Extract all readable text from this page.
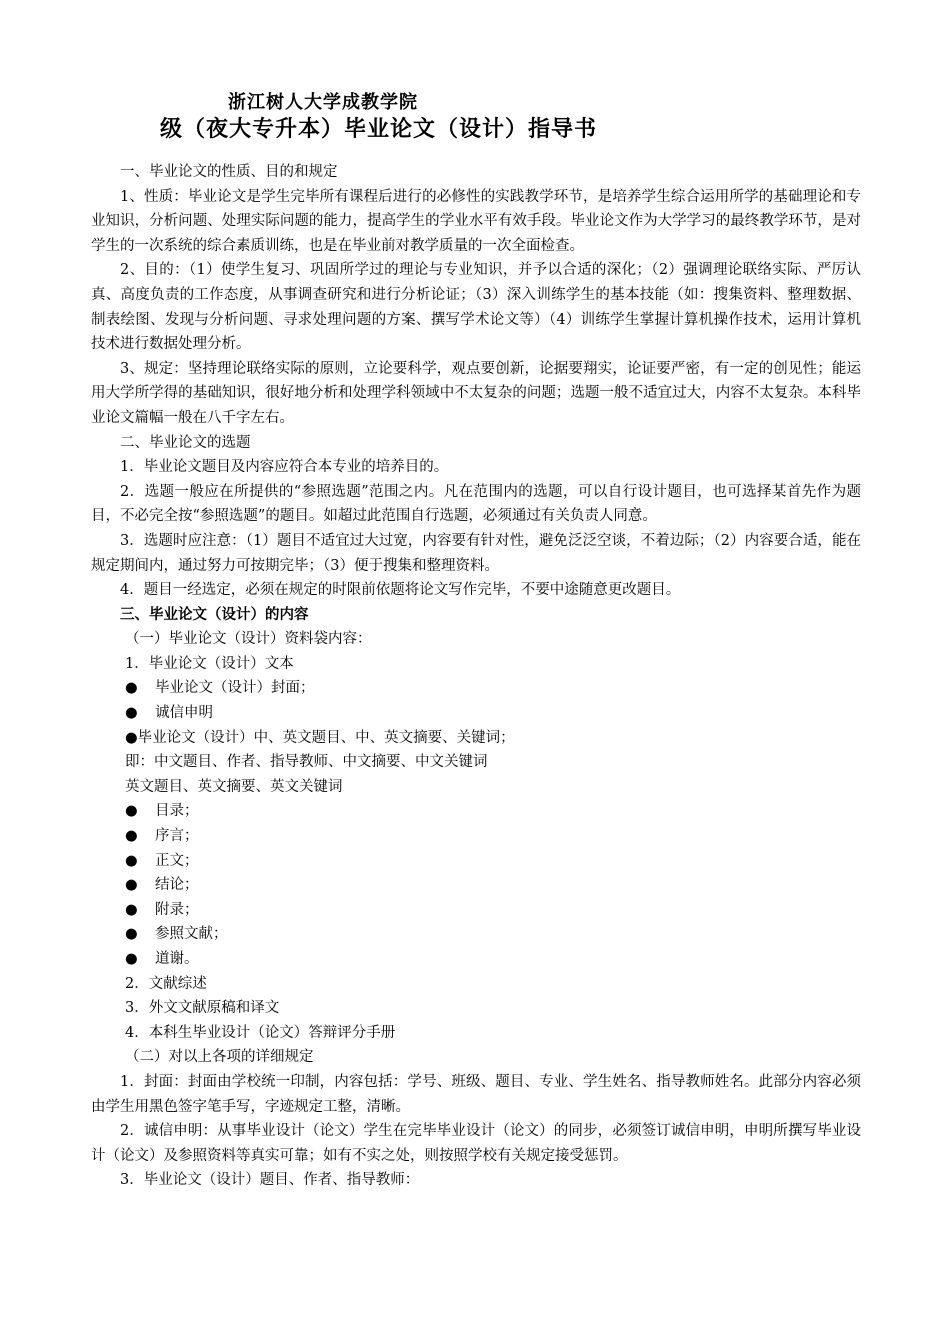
浙江树人大学成教学院
级（夜大专升本）毕业论文（设计）指导书

一、毕业论文的性质、目的和规定

1、性质：毕业论文是学生完毕所有课程后进行的必修性的实践教学环节，是培养学生综合运用所学的基础理论和专业知识，分析问题、处理实际问题的能力，提高学生的学业水平有效手段。毕业论文作为大学学习的最终教学环节，是对学生的一次系统的综合素质训练，也是在毕业前对教学质量的一次全面检查。

2、目的：（1）使学生复习、巩固所学过的理论与专业知识，并予以合适的深化；（2）强调理论联络实际、严厉认真、高度负责的工作态度，从事调查研究和进行分析论证；（3）深入训练学生的基本技能（如：搜集资料、整理数据、制表绘图、发现与分析问题、寻求处理问题的方案、撰写学术论文等）（4）训练学生掌握计算机操作技术，运用计算机技术进行数据处理分析。

3、规定：坚持理论联络实际的原则，立论要科学，观点要创新，论据要翔实，论证要严密，有一定的创见性；能运用大学所学得的基础知识，很好地分析和处理学科领域中不太复杂的问题；选题一般不适宜过大，内容不太复杂。本科毕业论文篇幅一般在八千字左右。

二、毕业论文的选题

1．毕业论文题目及内容应符合本专业的培养目的。

2．选题一般应在所提供的“参照选题”范围之内。凡在范围内的选题，可以自行设计题目，也可选择某首先作为题目，不必完全按“参照选题”的题目。如超过此范围自行选题，必须通过有关负责人同意。

3．选题时应注意：（1）题目不适宜过大过宽，内容要有针对性，避免泛泛空谈，不着边际；（2）内容要合适，能在规定期间内，通过努力可按期完毕；（3）便于搜集和整理资料。

4．题目一经选定，必须在规定的时限前依题将论文写作完毕，不要中途随意更改题目。

三、毕业论文（设计）的内容

（一）毕业论文（设计）资料袋内容：

1．毕业论文（设计）文本

● 毕业论文（设计）封面；

● 诚信申明

●毕业论文（设计）中、英文题目、中、英文摘要、关键词；

即：中文题目、作者、指导教师、中文摘要、中文关键词

英文题目、英文摘要、英文关键词

● 目录；

● 序言；

● 正文；

● 结论；

● 附录；

● 参照文献；

● 道谢。

2．文献综述

3．外文文献原稿和译文

4．本科生毕业设计（论文）答辩评分手册

（二）对以上各项的详细规定

1．封面：封面由学校统一印制，内容包括：学号、班级、题目、专业、学生姓名、指导教师姓名。此部分内容必须由学生用黑色签字笔手写，字迹规定工整，清晰。

2．诚信申明：从事毕业设计（论文）学生在完毕毕业设计（论文）的同步，必须签订诚信申明，申明所撰写毕业设计（论文）及参照资料等真实可靠；如有不实之处，则按照学校有关规定接受惩罚。

3．毕业论文（设计）题目、作者、指导教师：
